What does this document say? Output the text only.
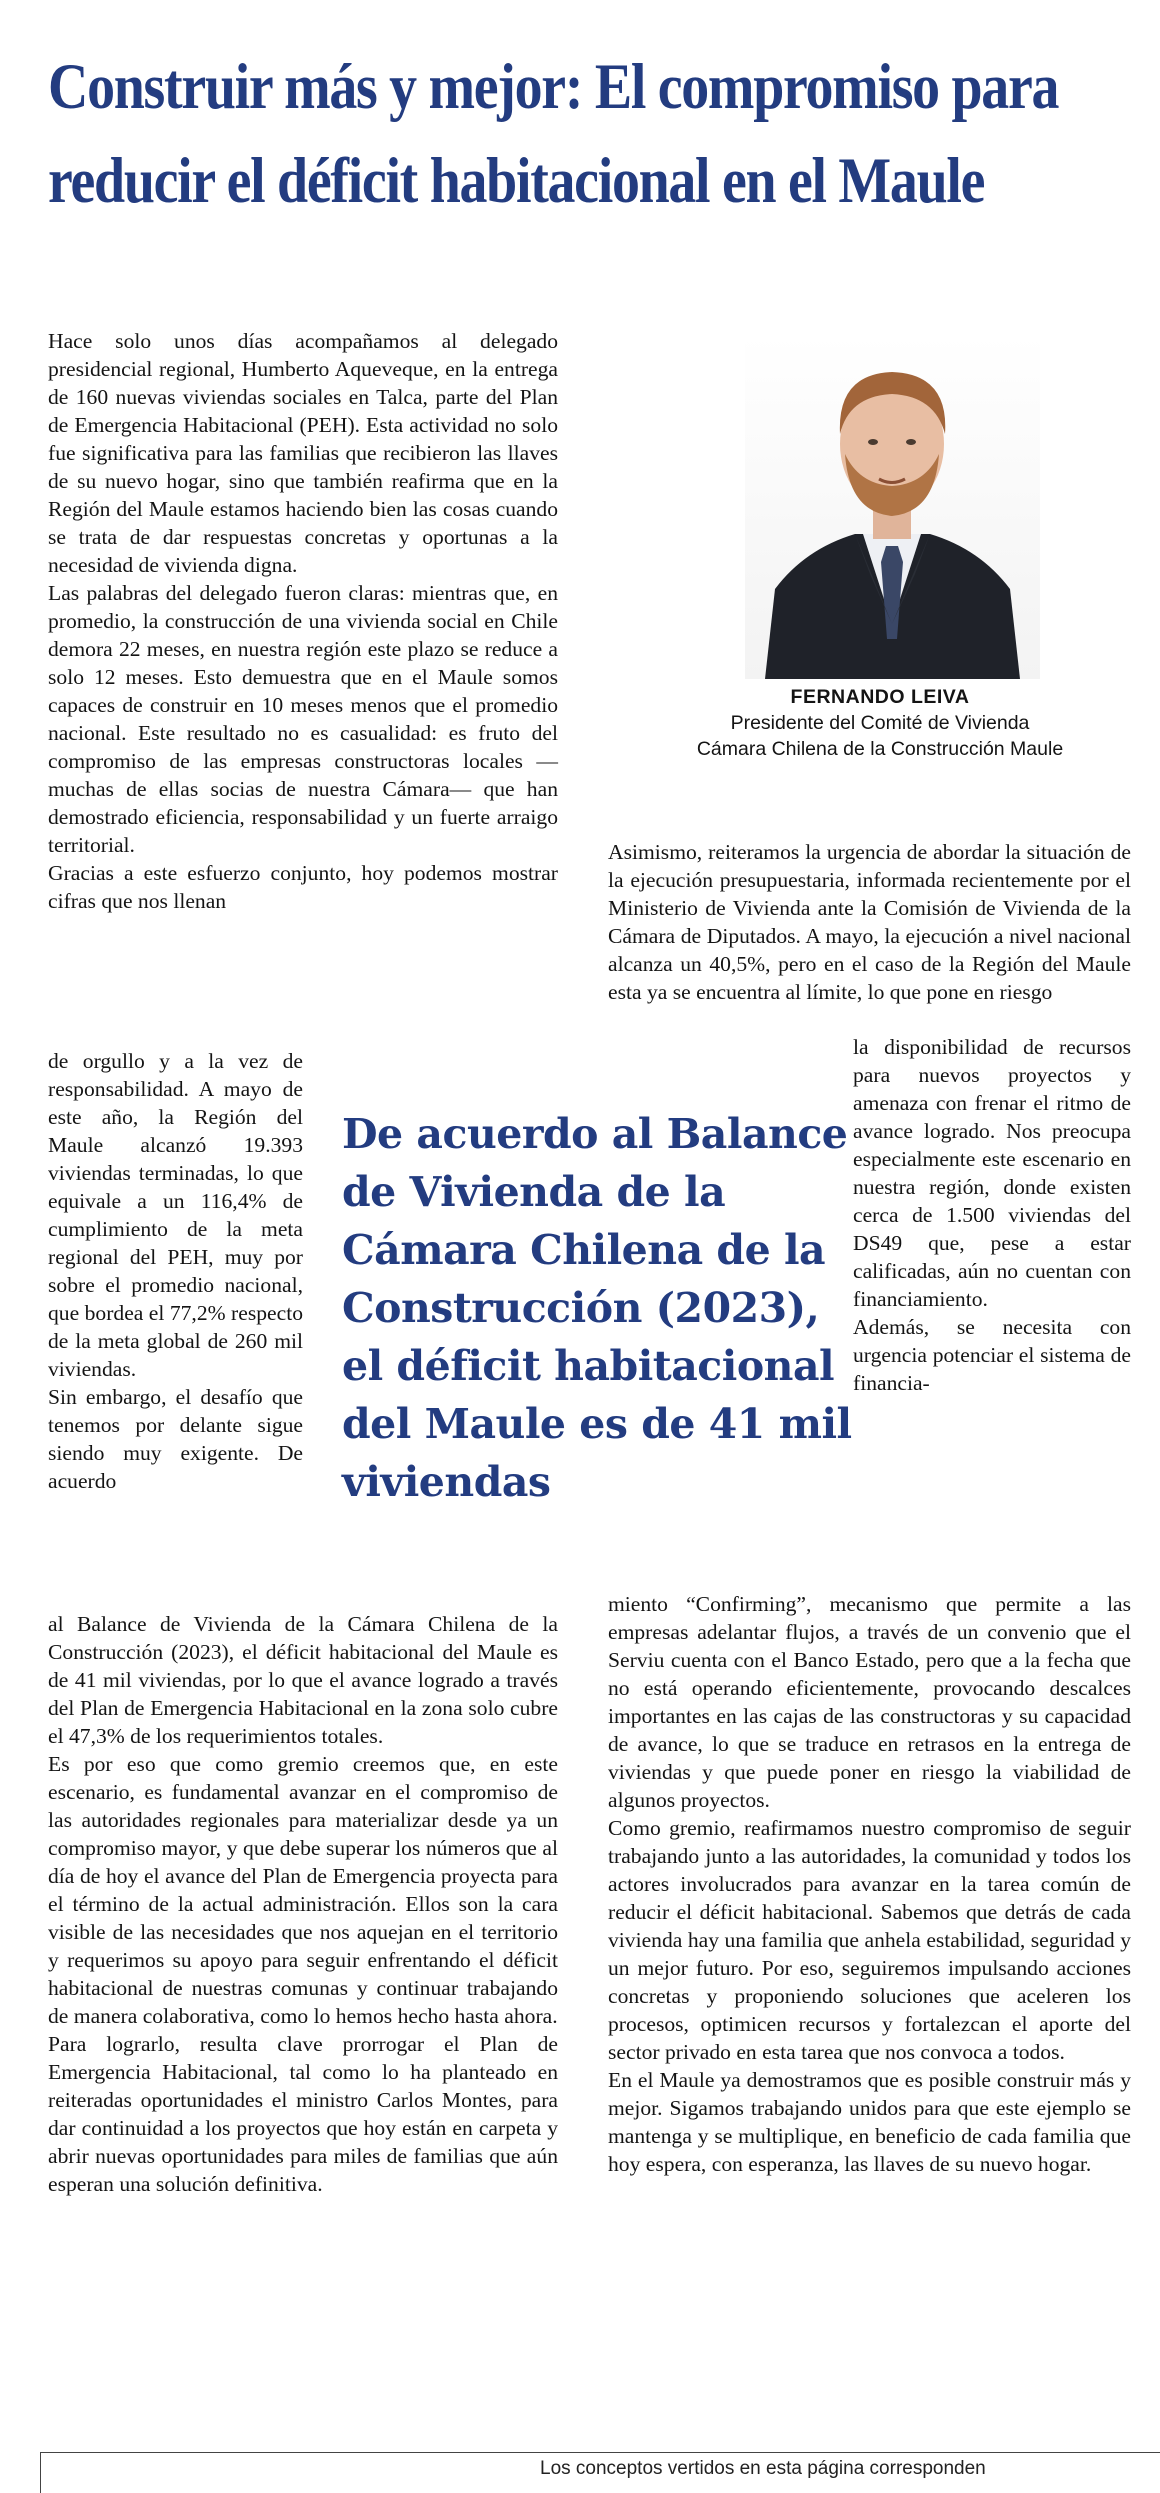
Construir más y mejor: El compromiso para
reducir el déficit habitacional en el Maule
FERNANDO LEIVA
Presidente del Comité de Vivienda
Cámara Chilena de la Construcción Maule

Hace solo unos días acompañamos al delegado presidencial regional, Humberto Aqueveque, en la entrega de 160 nuevas viviendas sociales en Talca, parte del Plan de Emergencia Habitacional (PEH). Esta actividad no solo fue significativa para las familias que recibieron las llaves de su nuevo hogar, sino que también reafirma que en la Región del Maule estamos haciendo bien las cosas cuando se trata de dar respuestas concretas y oportunas a la necesidad de vivienda digna.

Las palabras del delegado fueron claras: mientras que, en promedio, la construcción de una vivienda social en Chile demora 22 meses, en nuestra región este plazo se reduce a solo 12 meses. Esto demuestra que en el Maule somos capaces de construir en 10 meses menos que el promedio nacional. Este resultado no es casualidad: es fruto del compromiso de las empresas constructoras locales —muchas de ellas socias de nuestra Cámara— que han demostrado eficiencia, responsabilidad y un fuerte arraigo territorial.

Gracias a este esfuerzo conjunto, hoy podemos mostrar cifras que nos llenan

de orgullo y a la vez de responsabilidad. A mayo de este año, la Región del Maule alcanzó 19.393 viviendas terminadas, lo que equivale a un 116,4% de cumplimiento de la meta regional del PEH, muy por sobre el promedio nacional, que bordea el 77,2% respecto de la meta global de 260 mil viviendas.

Sin embargo, el desafío que tenemos por delante sigue siendo muy exigente. De acuerdo

De acuerdo al Balance
de Vivienda de la
Cámara Chilena de la
Construcción (2023),
el déficit habitacional
del Maule es de 41 mil
viviendas

al Balance de Vivienda de la Cámara Chilena de la Construcción (2023), el déficit habitacional del Maule es de 41 mil viviendas, por lo que el avance logrado a través del Plan de Emergencia Habitacional en la zona solo cubre el 47,3% de los requerimientos totales.

Es por eso que como gremio creemos que, en este escenario, es fundamental avanzar en el compromiso de las autoridades regionales para materializar desde ya un compromiso mayor, y que debe superar los números que al día de hoy el avance del Plan de Emergencia proyecta para el término de la actual administración. Ellos son la cara visible de las necesidades que nos aquejan en el territorio y requerimos su apoyo para seguir enfrentando el déficit habitacional de nuestras comunas y continuar trabajando de manera colaborativa, como lo hemos hecho hasta ahora.

Para lograrlo, resulta clave prorrogar el Plan de Emergencia Habitacional, tal como lo ha planteado en reiteradas oportunidades el ministro Carlos Montes, para dar continuidad a los proyectos que hoy están en carpeta y abrir nuevas oportunidades para miles de familias que aún esperan una solución definitiva.

Asimismo, reiteramos la urgencia de abordar la situación de la ejecución presupuestaria, informada recientemente por el Ministerio de Vivienda ante la Comisión de Vivienda de la Cámara de Diputados. A mayo, la ejecución a nivel nacional alcanza un 40,5%, pero en el caso de la Región del Maule esta ya se encuentra al límite, lo que pone en riesgo

la disponibilidad de recursos para nuevos proyectos y amenaza con frenar el ritmo de avance logrado. Nos preocupa especialmente este escenario en nuestra región, donde existen cerca de 1.500 viviendas del DS49 que, pese a estar calificadas, aún no cuentan con financiamiento.

Además, se necesita con urgencia potenciar el sistema de financia-

miento “Confirming”, mecanismo que permite a las empresas adelantar flujos, a través de un convenio que el Serviu cuenta con el Banco Estado, pero que a la fecha que no está operando eficientemente, provocando descalces importantes en las cajas de las constructoras y su capacidad de avance, lo que se traduce en retrasos en la entrega de viviendas y que puede poner en riesgo la viabilidad de algunos proyectos.

Como gremio, reafirmamos nuestro compromiso de seguir trabajando junto a las autoridades, la comunidad y todos los actores involucrados para avanzar en la tarea común de reducir el déficit habitacional. Sabemos que detrás de cada vivienda hay una familia que anhela estabilidad, seguridad y un mejor futuro. Por eso, seguiremos impulsando acciones concretas y proponiendo soluciones que aceleren los procesos, optimicen recursos y fortalezcan el aporte del sector privado en esta tarea que nos convoca a todos.

En el Maule ya demostramos que es posible construir más y mejor. Sigamos trabajando unidos para que este ejemplo se mantenga y se multiplique, en beneficio de cada familia que hoy espera, con esperanza, las llaves de su nuevo hogar.

Los conceptos vertidos en esta página corresponden
